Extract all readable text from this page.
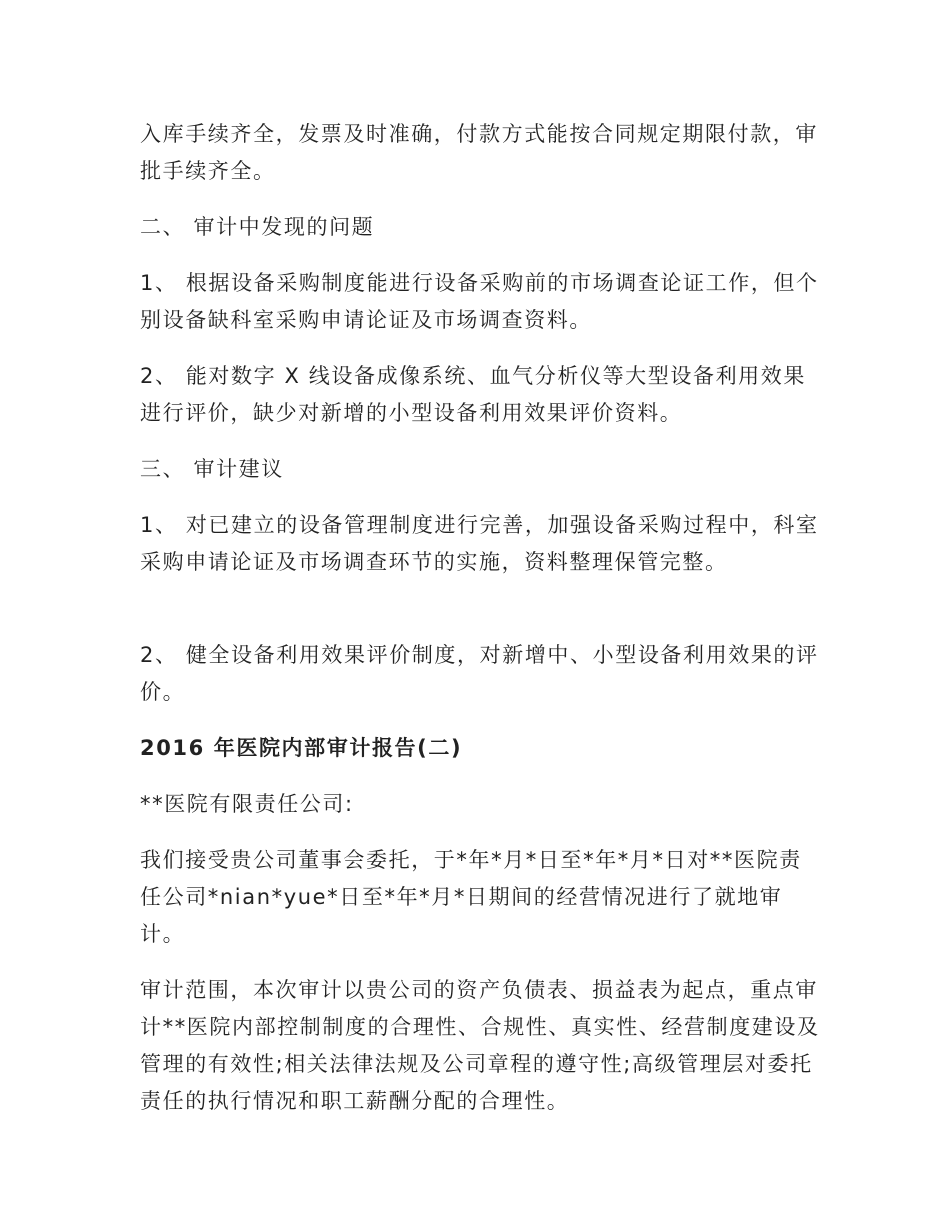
入库手续齐全，发票及时准确，付款方式能按合同规定期限付款，审批手续齐全。

二、 审计中发现的问题

1、 根据设备采购制度能进行设备采购前的市场调查论证工作，但个别设备缺科室采购申请论证及市场调查资料。

2、 能对数字 X 线设备成像系统、血气分析仪等大型设备利用效果进行评价，缺少对新增的小型设备利用效果评价资料。

三、 审计建议

1、 对已建立的设备管理制度进行完善，加强设备采购过程中，科室采购申请论证及市场调查环节的实施，资料整理保管完整。

2、 健全设备利用效果评价制度，对新增中、小型设备利用效果的评价。

2016 年医院内部审计报告(二)

**医院有限责任公司:

我们接受贵公司董事会委托，于*年*月*日至*年*月*日对**医院责任公司*nian*yue*日至*年*月*日期间的经营情况进行了就地审计。

审计范围，本次审计以贵公司的资产负债表、损益表为起点，重点审计**医院内部控制制度的合理性、合规性、真实性、经营制度建设及管理的有效性;相关法律法规及公司章程的遵守性;高级管理层对委托责任的执行情况和职工薪酬分配的合理性。
